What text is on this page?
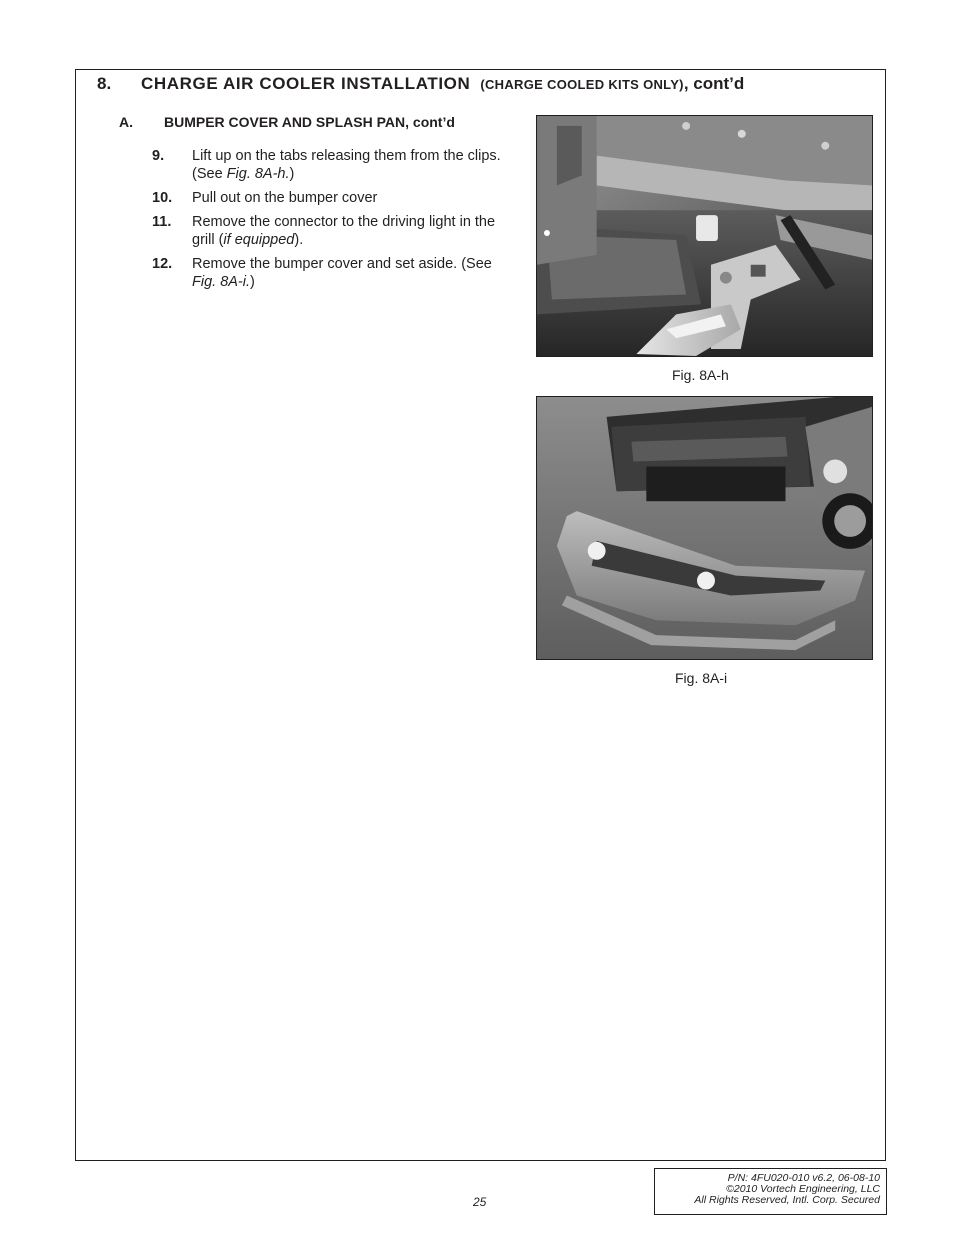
8. CHARGE AIR COOLER INSTALLATION (CHARGE COOLED KITS ONLY), cont’d
A. BUMPER COVER AND SPLASH PAN, cont’d
9. Lift up on the tabs releasing them from the clips. (See Fig. 8A-h.)
10. Pull out on the bumper cover
11. Remove the connector to the driving light in the grill (if equipped).
12. Remove the bumper cover and set aside. (See Fig. 8A-i.)
Fig. 8A-h
Fig. 8A-i
25
P/N: 4FU020-010 v6.2, 06-08-10
©2010 Vortech Engineering, LLC
All Rights Reserved, Intl. Corp. Secured
